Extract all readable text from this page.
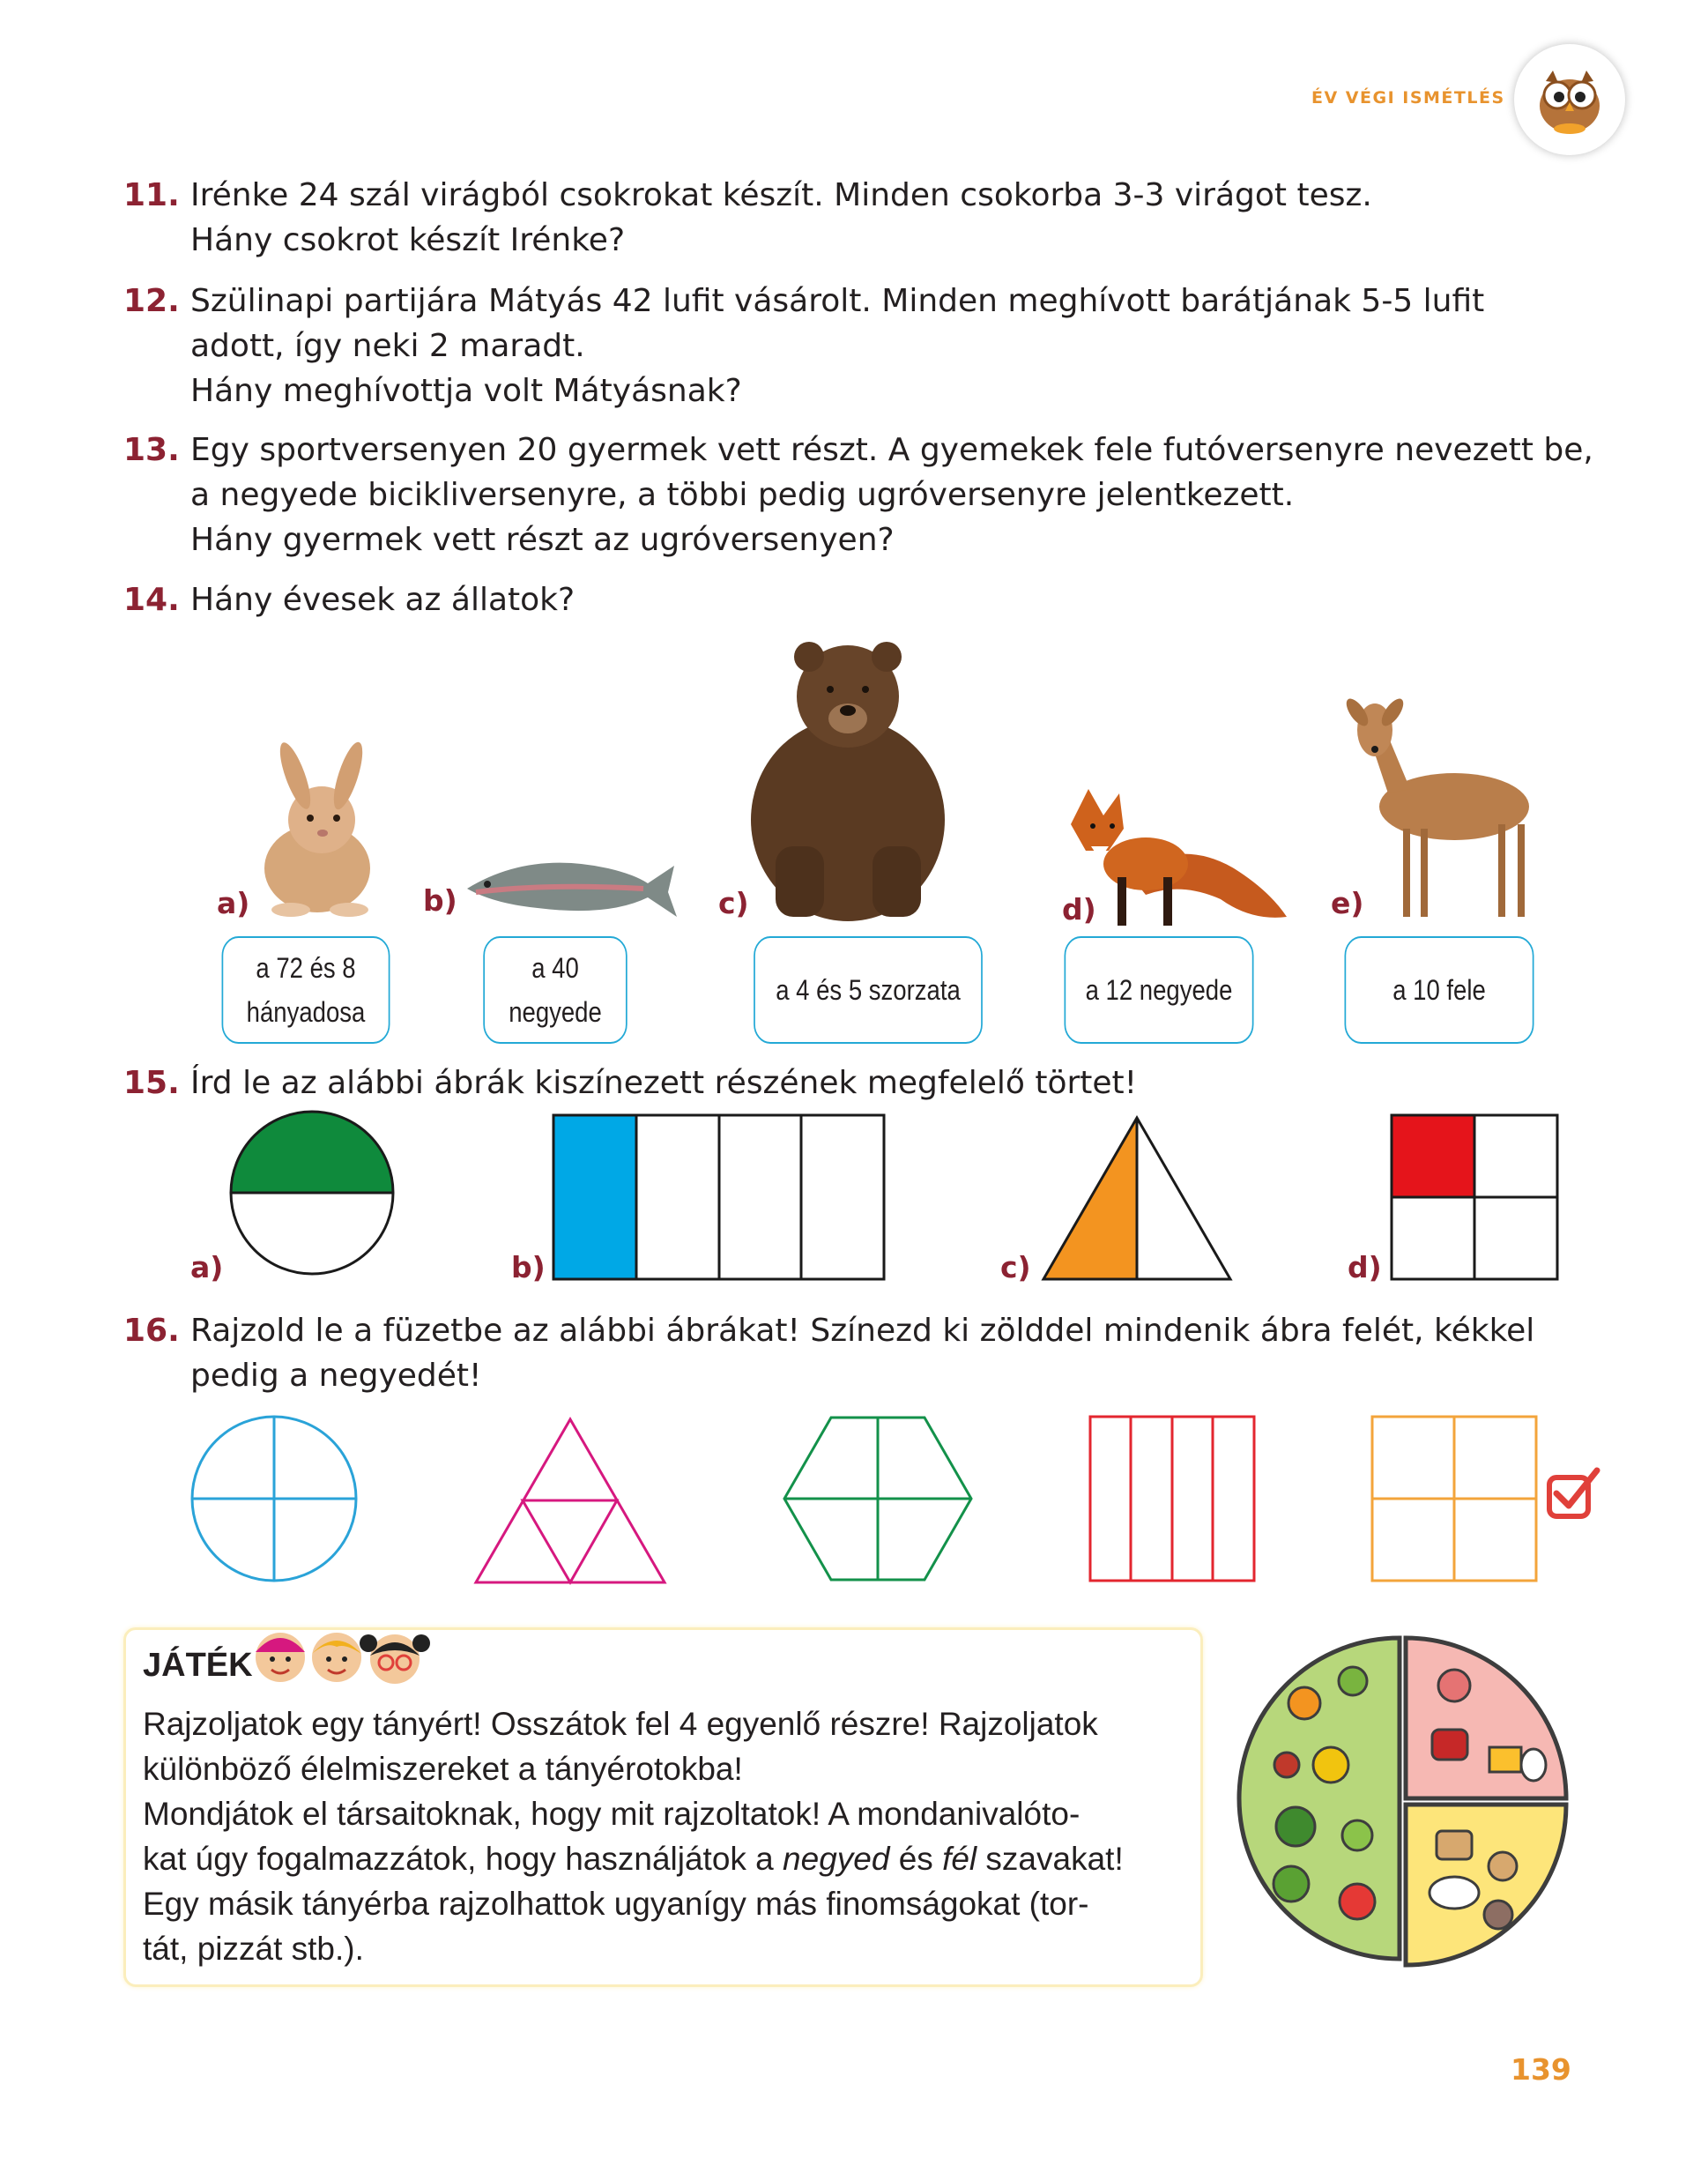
ÉV VÉGI ISMÉTLÉS
11. Irénke 24 szál virágból csokrokat készít. Minden csokorba 3-3 virágot tesz.
Hány csokrot készít Irénke?
12. Szülinapi partijára Mátyás 42 lufit vásárolt. Minden meghívott barátjának 5-5 lufit
adott, így neki 2 maradt.
Hány meghívottja volt Mátyásnak?
13. Egy sportversenyen 20 gyermek vett részt. A gyemekek fele futóversenyre nevezett be,
a negyede bicikliversenyre, a többi pedig ugróversenyre jelentkezett.
Hány gyermek vett részt az ugróversenyen?
14. Hány évesek az állatok?
a)	b)	c)	d)	e)
a 72 és 8
hányadosa
a 40
negyede
a 4 és 5 szorzata	a 12 negyede	a 10 fele
15. Írd le az alábbi ábrák kiszínezett részének megfelelő törtet!
a)	b)	c)	d)
16. Rajzold le a füzetbe az alábbi ábrákat! Színezd ki zölddel mindenik ábra felét, kékkel
pedig a negyedét!
JÁTÉK
Rajzoljatok egy tányért! Osszátok fel 4 egyenlő részre! Rajzoljatok
különböző élelmiszereket a tányérotokba!
Mondjátok el társaitoknak, hogy mit rajzoltatok! A mondanivalóto-
kat úgy fogalmazzátok, hogy használjátok a negyed és fél szavakat!
Egy másik tányérba rajzolhattok ugyanígy más finomságokat (tor-
tát, pizzát stb.).
139
